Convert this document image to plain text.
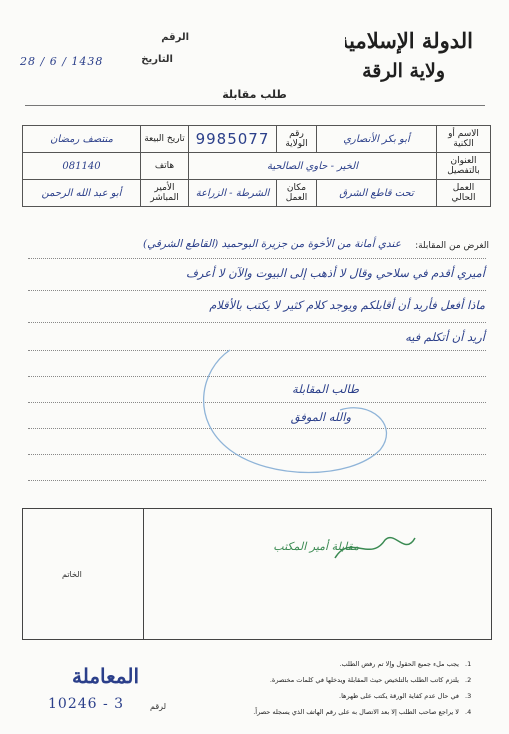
الدولة الإسلامية
ولاية الرقة
الرقم
التاريخ
28 / 6 / 1438
طلب مقابلة
الاسم أو الكنية	أبو بكر الأنصاري	رقم الولاية	9985077	تاريخ البيعة	منتصف رمضان
العنوان بالتفصيل	الخير - حاوي الصالحية			هاتف	081140
العمل الحالي	تحت قاطع الشرق	مكان العمل	الشرطة - الزراعة	الأمير المباشر	أبو عبد الله الرحمن
الغرض من المقابلة:
عندي أمانة من الأخوة من جزيرة البوحميد (القاطع الشرقي)
أميري أقدم في سلاحي وقال لا أذهب إلى البيوت والآن لا أعرف
ماذا أفعل فأريد أن أقابلكم ويوجد كلام كثير لا يكتب بالأقلام
أريد أن أتكلم فيه
طالب المقابلة
والله الموفق
مقابلة أمير المكتب
الخاتم
1.يجب ملء جميع الحقول وإلا تم رفض الطلب.
2.يلتزم كاتب الطلب بالتلخيص حيث المقابلة ويدخلها في كلمات مختصرة.
3.في حال عدم كفاية الورقة يكتب على ظهرها.
4.لا يراجع صاحب الطلب إلا بعد الاتصال به على رقم الهاتف الذي يسجله حصراً.
المعاملة
10246 - 3	لرقم
